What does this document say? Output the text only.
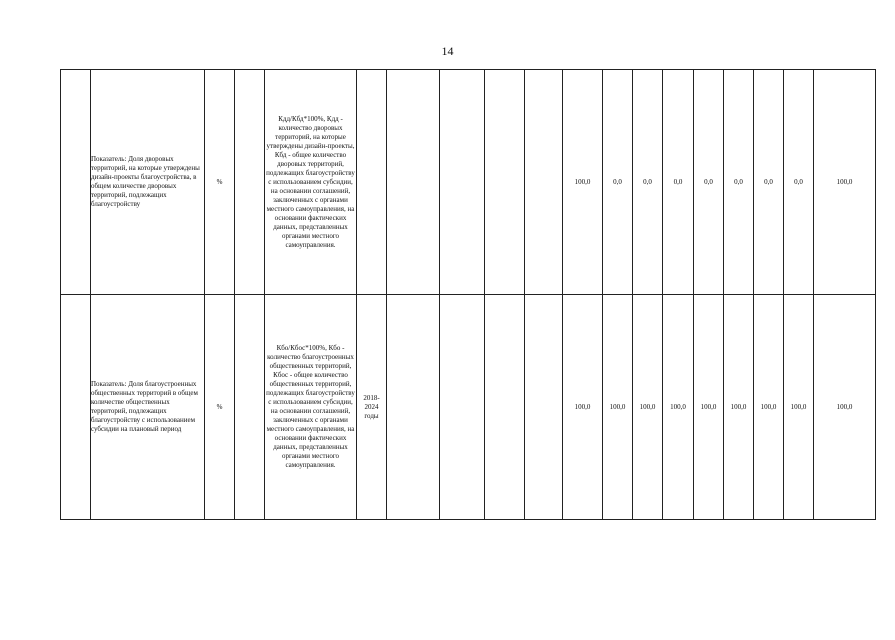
14
	Показатель: Доля дворовых территорий, на которые утверждены дизайн-проекты благоустройства, в общем количестве дворовых территорий, подлежащих благоустройству	%		Кдд/Кбд*100%, Кдд - количество дворовых территорий, на которые утверждены дизайн-проекты, Кбд - общее количество дворовых территорий, подлежащих благоустройству с использованием субсидии, на основании соглашений, заключенных с органами местного самоуправления, на основании фактических данных, представленных органами местного самоуправления.						100,0	0,0	0,0	0,0	0,0	0,0	0,0	0,0	100,0
	Показатель: Доля благоустроенных общественных территорий в общем количестве общественных территорий, подлежащих благоустройству с использованием субсидии на плановый период	%		Кбо/Кбос*100%, Кбо - количество благоустроенных общественных территорий, Кбос - общее количество общественных территорий, подлежащих благоустройству с использованием субсидии, на основании соглашений, заключенных с органами местного самоуправления, на основании фактических данных, представленных органами местного самоуправления.	2018-2024 годы					100,0	100,0	100,0	100,0	100,0	100,0	100,0	100,0	100,0
